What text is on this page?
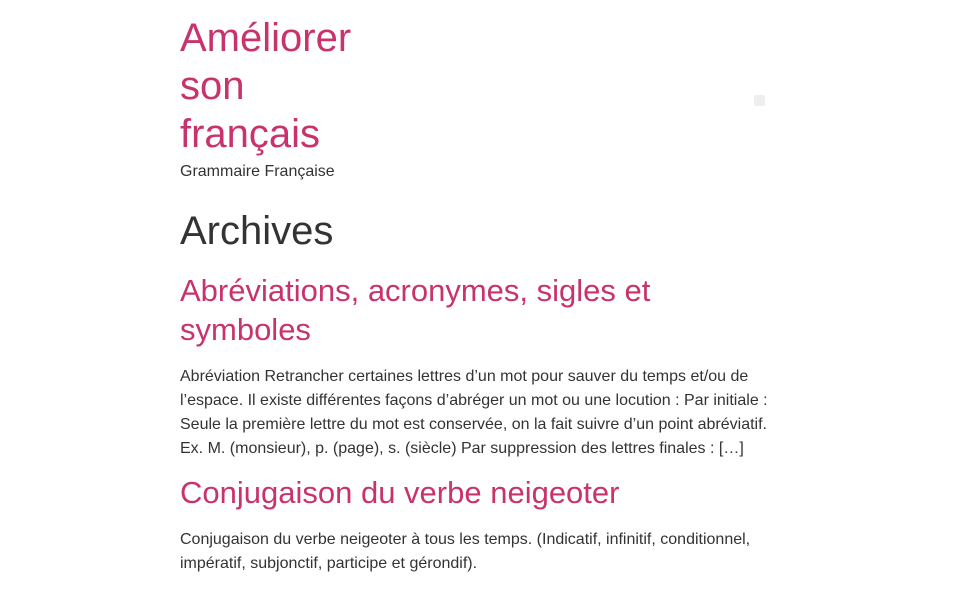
Améliorer son français
Grammaire Française
Archives
Abréviations, acronymes, sigles et symboles

Abréviation Retrancher certaines lettres d’un mot pour sauver du temps et/ou de l’espace. Il existe différentes façons d’abréger un mot ou une locution : Par initiale : Seule la première lettre du mot est conservée, on la fait suivre d’un point abréviatif. Ex. M. (monsieur), p. (page), s. (siècle) Par suppression des lettres finales : […]

Conjugaison du verbe neigeoter

Conjugaison du verbe neigeoter à tous les temps. (Indicatif, infinitif, conditionnel, impératif, subjonctif, participe et gérondif).
